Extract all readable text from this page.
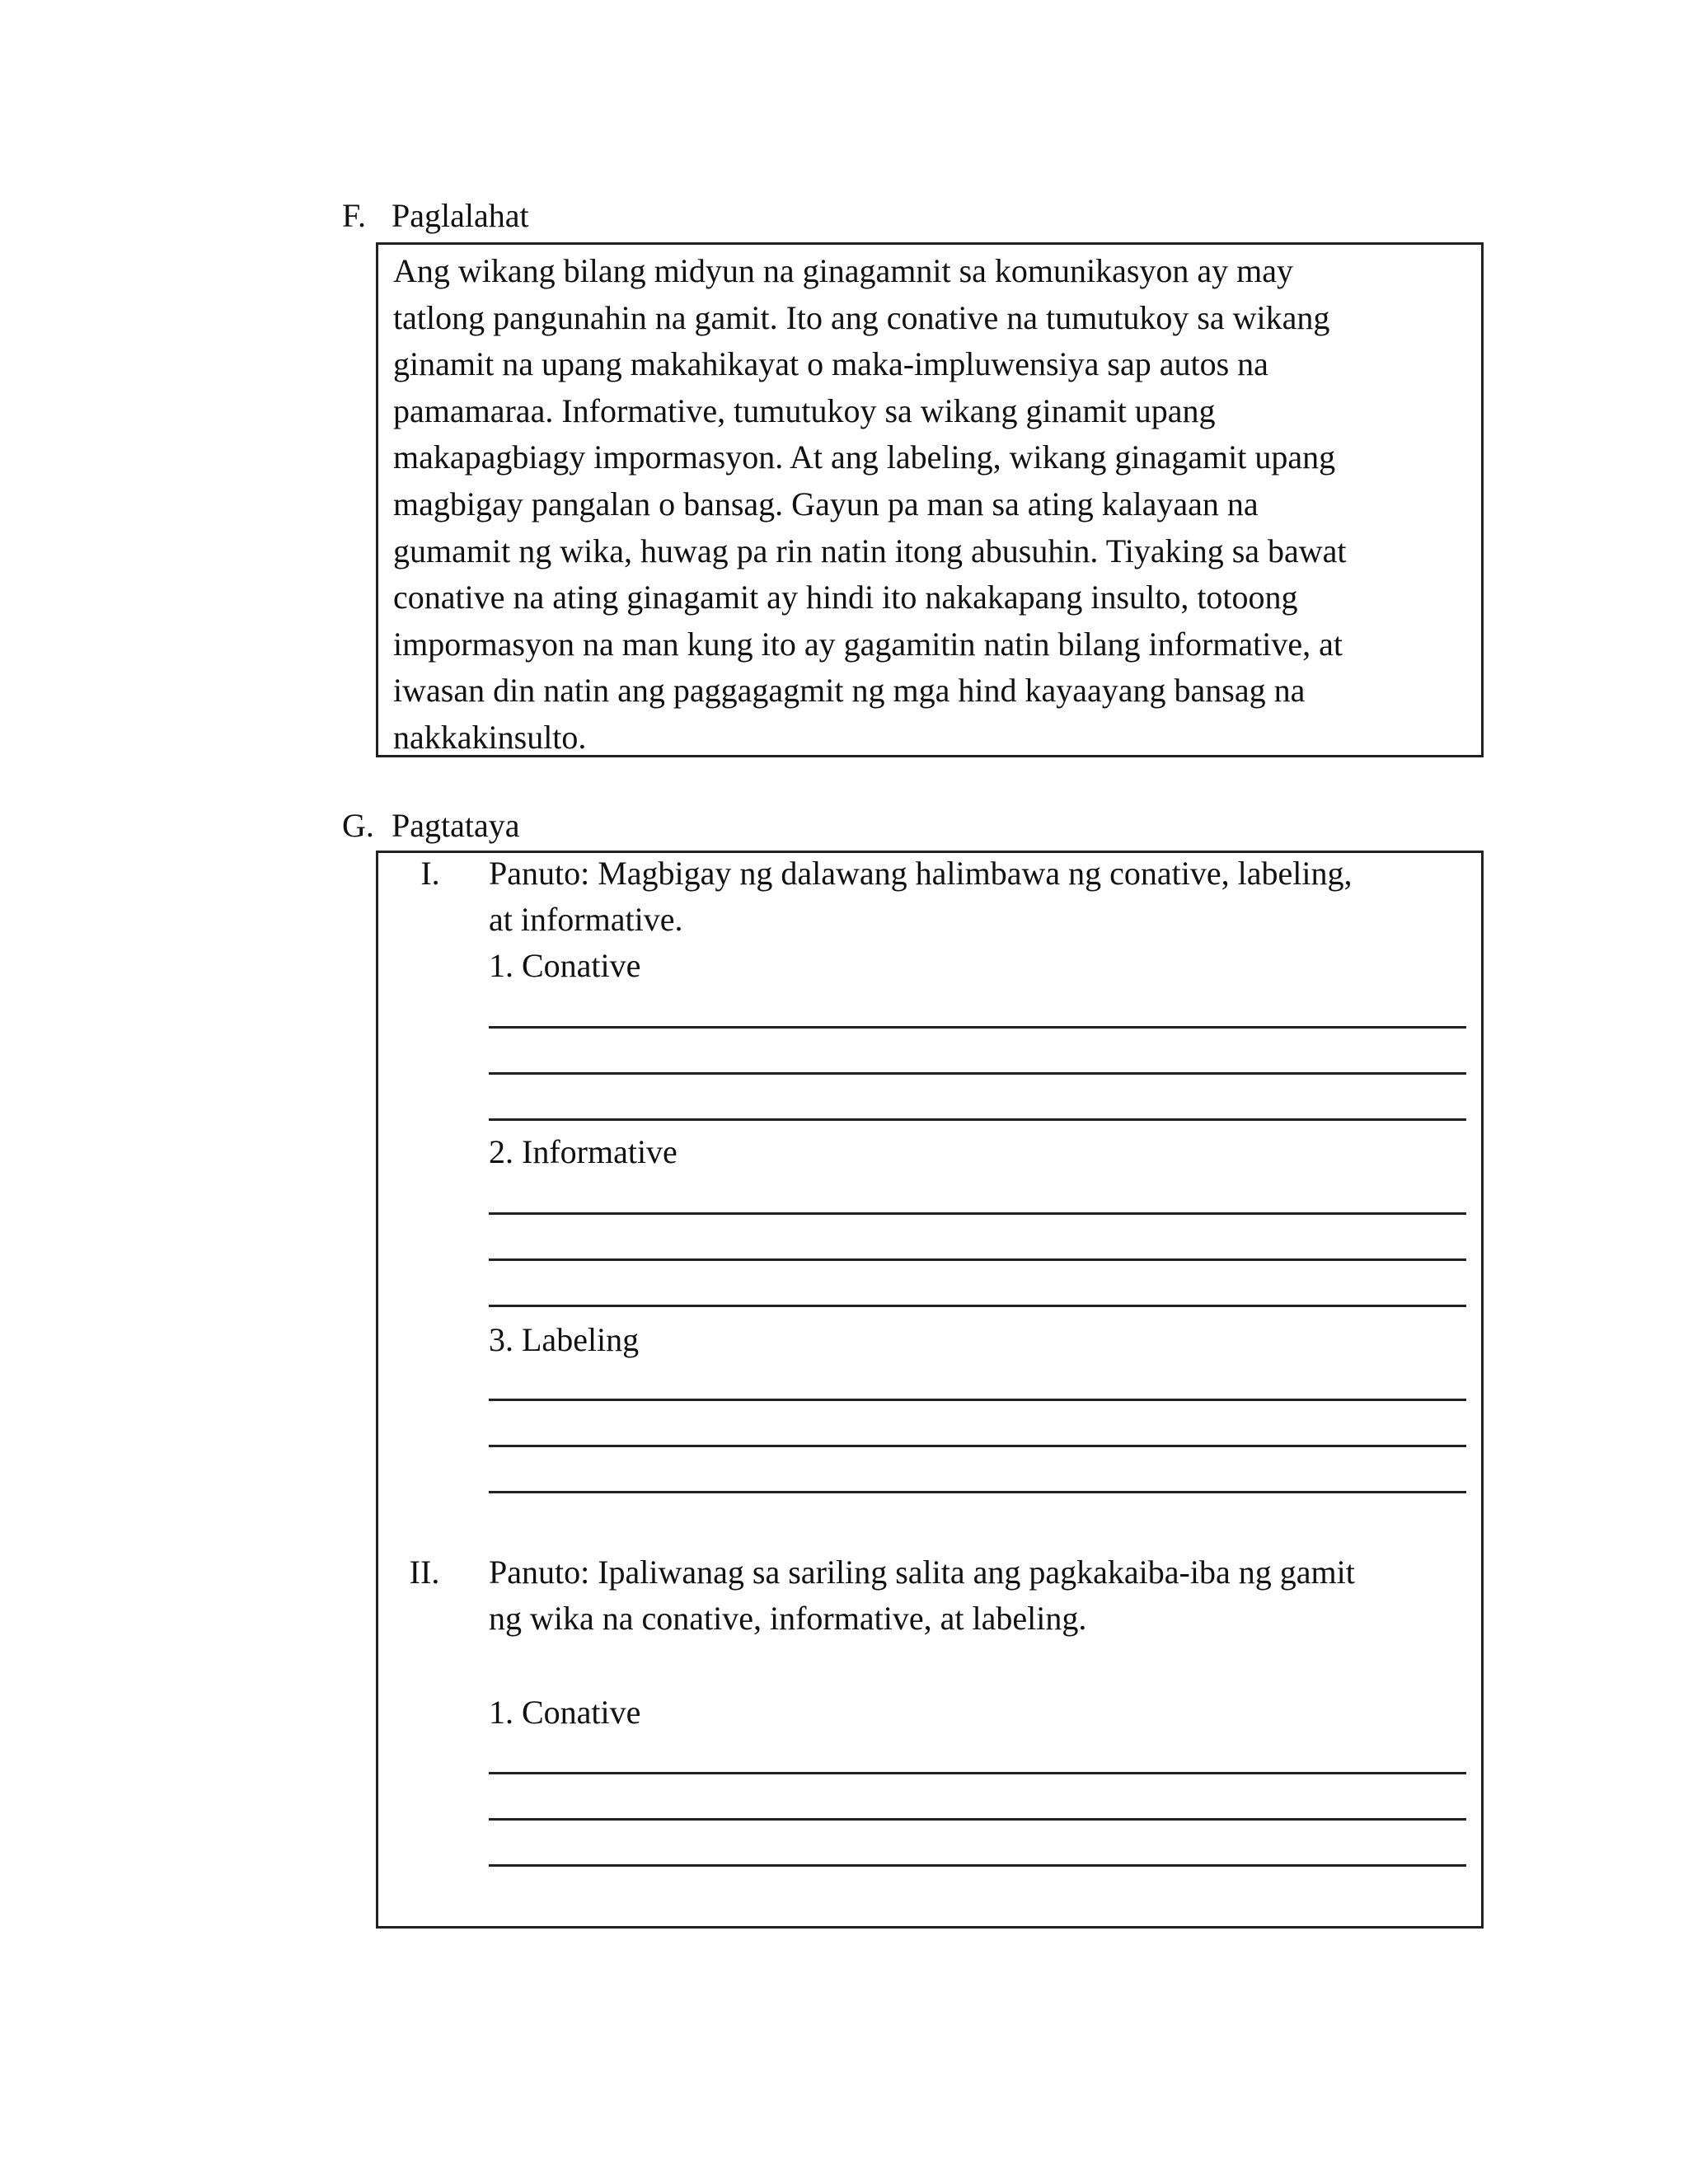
F. Paglalahat
Ang wikang bilang midyun na ginagamnit sa komunikasyon ay may
tatlong pangunahin na gamit. Ito ang conative na tumutukoy sa wikang
ginamit na upang makahikayat o maka-impluwensiya sap autos na
pamamaraa. Informative, tumutukoy sa wikang ginamit upang
makapagbiagy impormasyon. At ang labeling, wikang ginagamit upang
magbigay pangalan o bansag. Gayun pa man sa ating kalayaan na
gumamit ng wika, huwag pa rin natin itong abusuhin. Tiyaking sa bawat
conative na ating ginagamit ay hindi ito nakakapang insulto, totoong
impormasyon na man kung ito ay gagamitin natin bilang informative, at
iwasan din natin ang paggagagmit ng mga hind kayaayang bansag na
nakkakinsulto.
G. Pagtataya
I.	Panuto: Magbigay ng dalawang halimbawa ng conative, labeling,
at informative.
1. Conative
2. Informative
3. Labeling
II. Panuto: Ipaliwanag sa sariling salita ang pagkakaiba-iba ng gamit
ng wika na conative, informative, at labeling.
1. Conative
